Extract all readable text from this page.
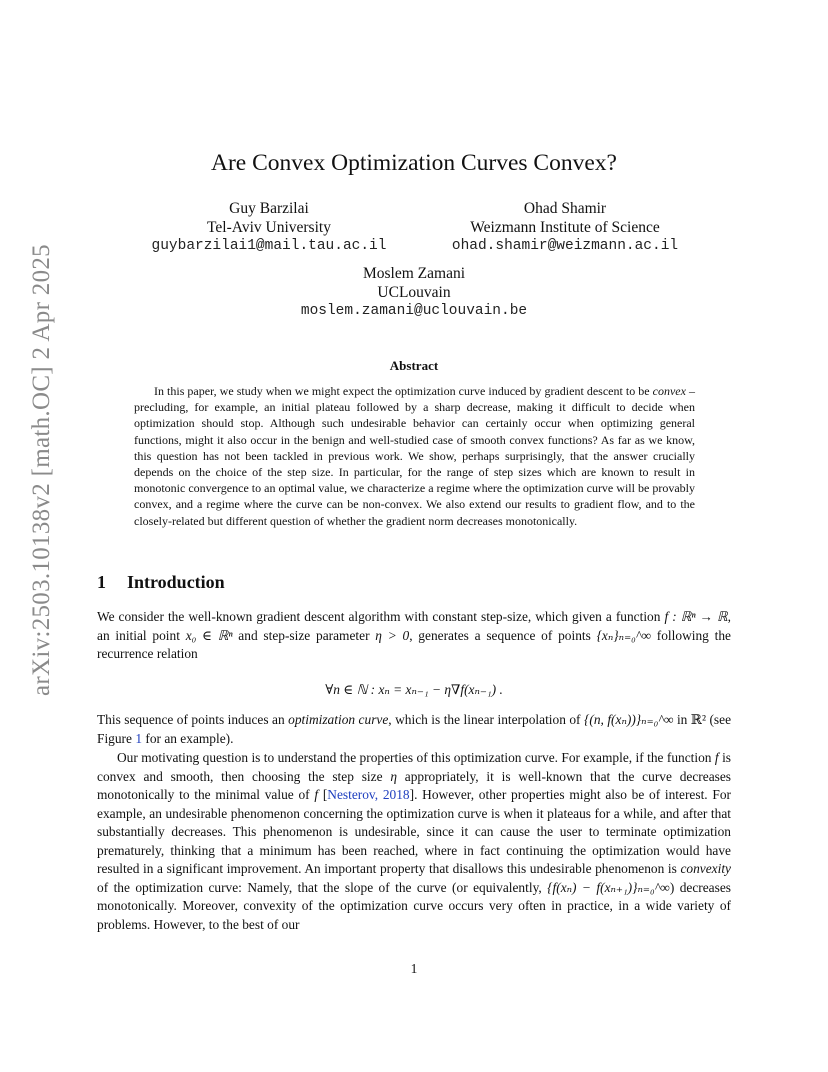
arXiv:2503.10138v2 [math.OC] 2 Apr 2025
Are Convex Optimization Curves Convex?
Guy Barzilai
Tel-Aviv University
guybarzilai1@mail.tau.ac.il
Ohad Shamir
Weizmann Institute of Science
ohad.shamir@weizmann.ac.il
Moslem Zamani
UCLouvain
moslem.zamani@uclouvain.be
Abstract

In this paper, we study when we might expect the optimization curve induced by gradient descent to be convex – precluding, for example, an initial plateau followed by a sharp decrease, making it difficult to decide when optimization should stop. Although such undesirable behavior can certainly occur when optimizing general functions, might it also occur in the benign and well-studied case of smooth convex functions? As far as we know, this question has not been tackled in previous work. We show, perhaps surprisingly, that the answer crucially depends on the choice of the step size. In particular, for the range of step sizes which are known to result in monotonic convergence to an optimal value, we characterize a regime where the optimization curve will be provably convex, and a regime where the curve can be non-convex. We also extend our results to gradient flow, and to the closely-related but different question of whether the gradient norm decreases monotonically.

1 Introduction

We consider the well-known gradient descent algorithm with constant step-size, which given a function f : ℝⁿ → ℝ, an initial point x₀ ∈ ℝⁿ and step-size parameter η > 0, generates a sequence of points {xₙ}ₙ₌₀^∞ following the recurrence relation

∀n ∈ ℕ : xₙ = xₙ₋₁ − η∇f(xₙ₋₁) .

This sequence of points induces an optimization curve, which is the linear interpolation of {(n, f(xₙ))}ₙ₌₀^∞ in ℝ² (see Figure 1 for an example).

Our motivating question is to understand the properties of this optimization curve. For example, if the function f is convex and smooth, then choosing the step size η appropriately, it is well-known that the curve decreases monotonically to the minimal value of f [Nesterov, 2018]. However, other properties might also be of interest. For example, an undesirable phenomenon concerning the optimization curve is when it plateaus for a while, and after that substantially decreases. This phenomenon is undesirable, since it can cause the user to terminate optimization prematurely, thinking that a minimum has been reached, where in fact continuing the optimization would have resulted in a significant improvement. An important property that disallows this undesirable phenomenon is convexity of the optimization curve: Namely, that the slope of the curve (or equivalently, {f(xₙ) − f(xₙ₊₁)}ₙ₌₀^∞) decreases monotonically. Moreover, convexity of the optimization curve occurs very often in practice, in a wide variety of problems. However, to the best of our

1
